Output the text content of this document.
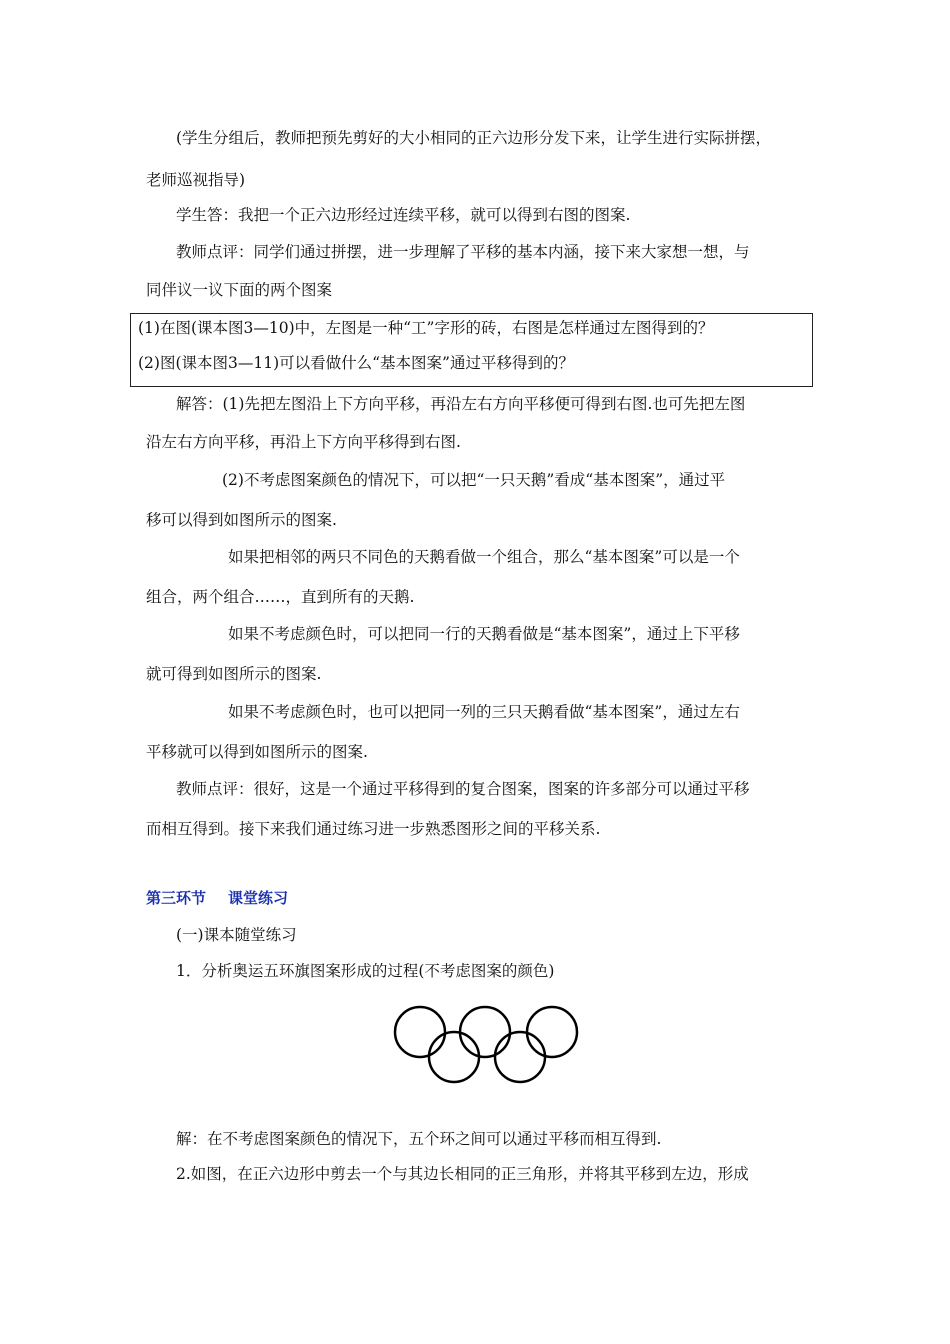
(学生分组后，教师把预先剪好的大小相同的正六边形分发下来，让学生进行实际拼摆，
老师巡视指导)
学生答：我把一个正六边形经过连续平移，就可以得到右图的图案.
教师点评：同学们通过拼摆，进一步理解了平移的基本内涵，接下来大家想一想，与
同伴议一议下面的两个图案
(1)在图(课本图3—10)中，左图是一种“工”字形的砖，右图是怎样通过左图得到的？
(2)图(课本图3—11)可以看做什么“基本图案”通过平移得到的？
解答：(1)先把左图沿上下方向平移，再沿左右方向平移便可得到右图.也可先把左图
沿左右方向平移，再沿上下方向平移得到右图.
(2)不考虑图案颜色的情况下，可以把“一只天鹅”看成“基本图案”，通过平
移可以得到如图所示的图案.
如果把相邻的两只不同色的天鹅看做一个组合，那么“基本图案”可以是一个
组合，两个组合……，直到所有的天鹅.
如果不考虑颜色时，可以把同一行的天鹅看做是“基本图案”，通过上下平移
就可得到如图所示的图案.
如果不考虑颜色时，也可以把同一列的三只天鹅看做“基本图案”，通过左右
平移就可以得到如图所示的图案.
教师点评：很好，这是一个通过平移得到的复合图案，图案的许多部分可以通过平移
而相互得到。接下来我们通过练习进一步熟悉图形之间的平移关系.
第三环节 课堂练习
(一)课本随堂练习
1．分析奥运五环旗图案形成的过程(不考虑图案的颜色)
解：在不考虑图案颜色的情况下，五个环之间可以通过平移而相互得到.
2.如图，在正六边形中剪去一个与其边长相同的正三角形，并将其平移到左边，形成
